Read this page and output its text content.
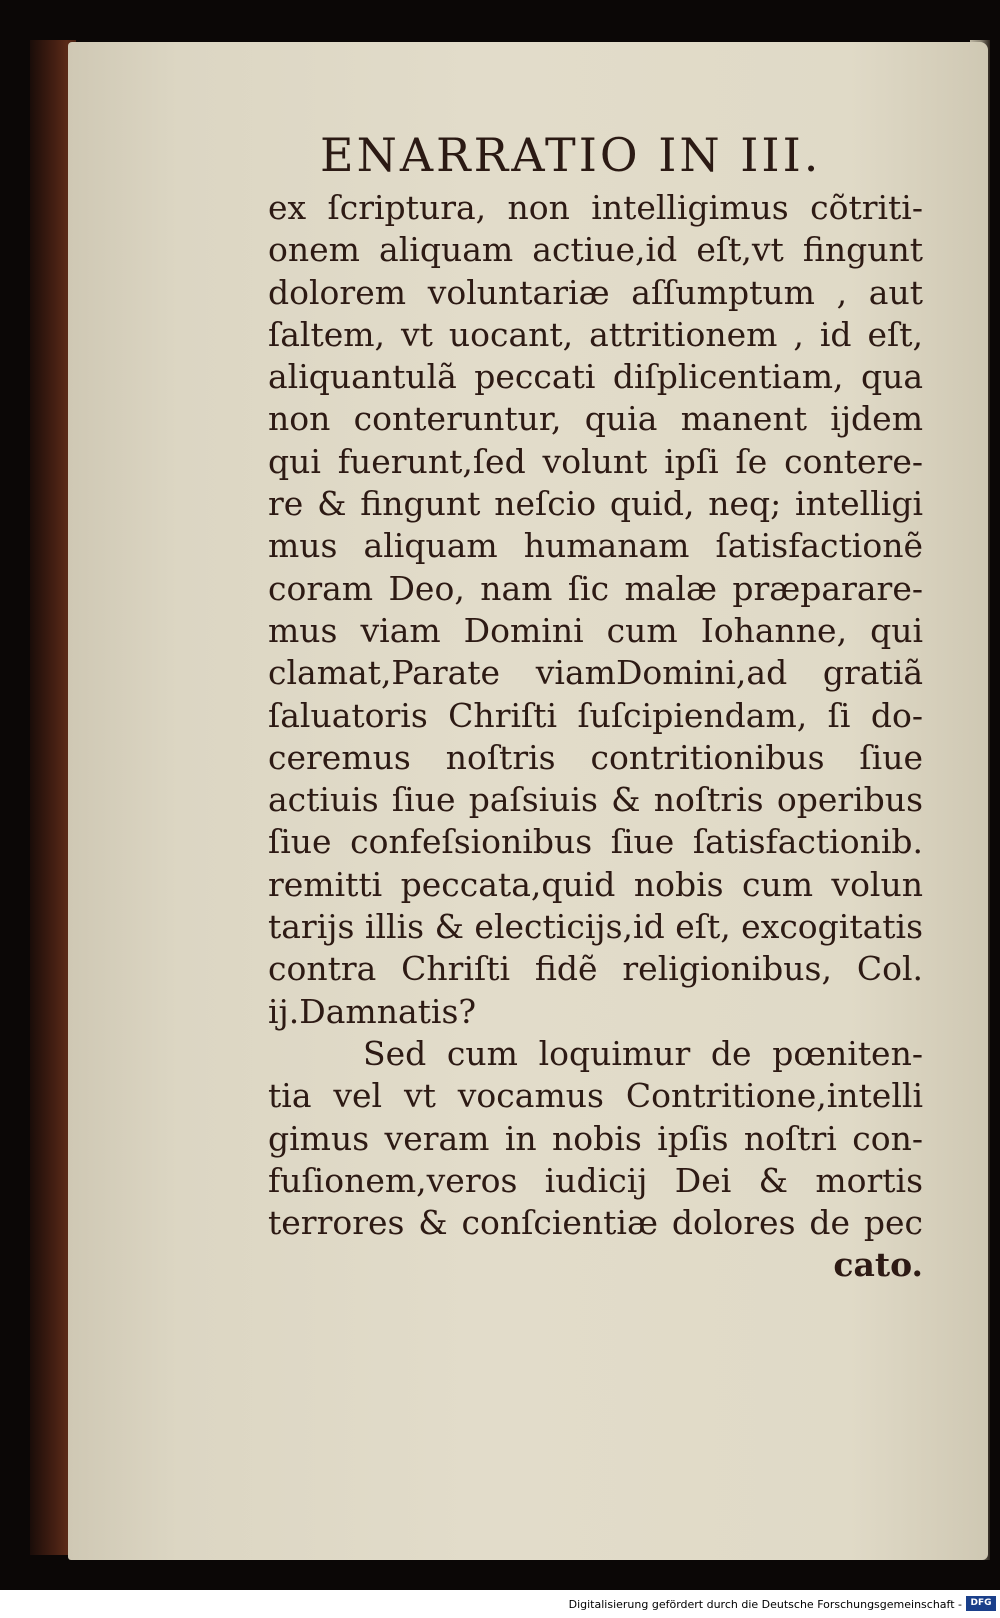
ENARRATIO IN III.
ex ſcriptura, non intelligimus cõtriti-
onem aliquam actiue,id eſt,vt fingunt
dolorem voluntariæ aſſumptum , aut
ſaltem, vt uocant, attritionem , id eſt,
aliquantulã peccati diſplicentiam, qua
non conteruntur, quia manent ijdem
qui fuerunt,ſed volunt ipſi ſe contere-
re & fingunt neſcio quid, neq; intelligi
mus aliquam humanam ſatisfactionẽ
coram Deo, nam ſic malæ præparare-
mus viam Domini cum Iohanne, qui
clamat,Parate viamDomini,ad gratiã
ſaluatoris Chriſti ſuſcipiendam, ſi do-
ceremus noſtris contritionibus ſiue
actiuis ſiue paſsiuis & noſtris operibus
ſiue confeſsionibus ſiue ſatisfactionib.
remitti peccata,quid nobis cum volun
tarijs illis & electicijs,id eſt, excogitatis
contra Chriſti fidẽ religionibus, Col.
ij.Damnatis?
Sed cum loquimur de pœniten-
tia vel vt vocamus Contritione,intelli
gimus veram in nobis ipſis noſtri con-
fuſionem,veros iudicij Dei & mortis
terrores & conſcientiæ dolores de pec
cato.
Digitalisierung gefördert durch die Deutsche Forschungsgemeinschaft - DFG
